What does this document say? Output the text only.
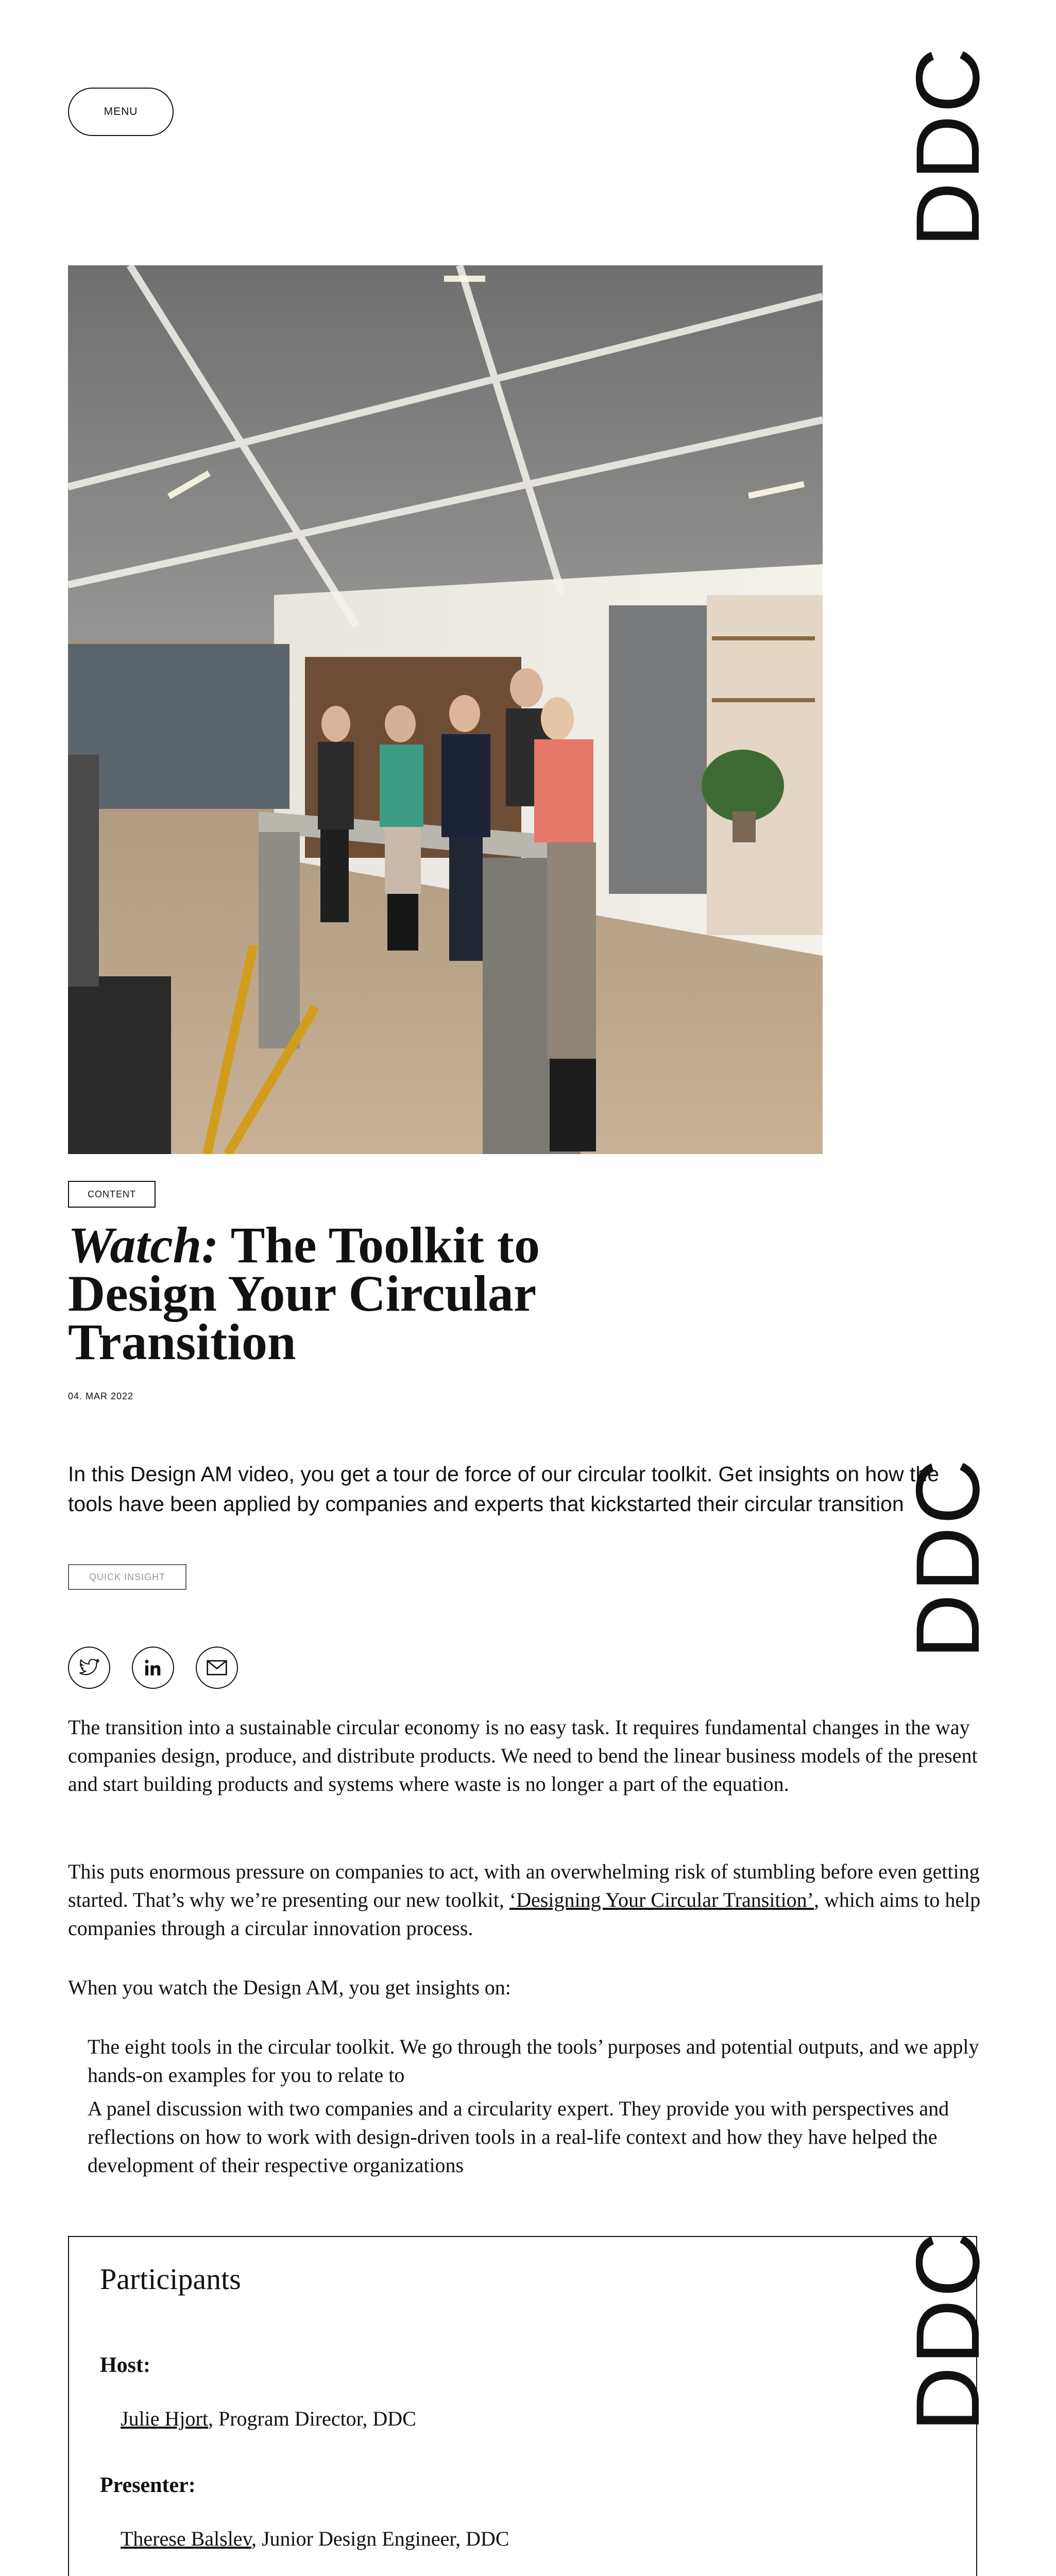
MENU	DDC
CONTENT
Watch: The Toolkit to Design Your Circular Transition
04. MAR 2022

In this Design AM video, you get a tour de force of our circular toolkit. Get insights on how the tools have been applied by companies and experts that kickstarted their circular transition

QUICK INSIGHT	DDC

The transition into a sustainable circular economy is no easy task. It requires fundamental changes in the way companies design, produce, and distribute products. We need to bend the linear business models of the present and start building products and systems where waste is no longer a part of the equation.

This puts enormous pressure on companies to act, with an overwhelming risk of stumbling before even getting started. That’s why we’re presenting our new toolkit, ‘Designing Your Circular Transition’, which aims to help companies through a circular innovation process.

When you watch the Design AM, you get insights on:

The eight tools in the circular toolkit. We go through the tools’ purposes and potential outputs, and we apply hands-on examples for you to relate to
A panel discussion with two companies and a circularity expert. They provide you with perspectives and reflections on how to work with design-driven tools in a real-life context and how they have helped the development of their respective organizations
Participants
Host:
Julie Hjort, Program Director, DDC
Presenter:
Therese Balslev, Junior Design Engineer, DDC
DDC
